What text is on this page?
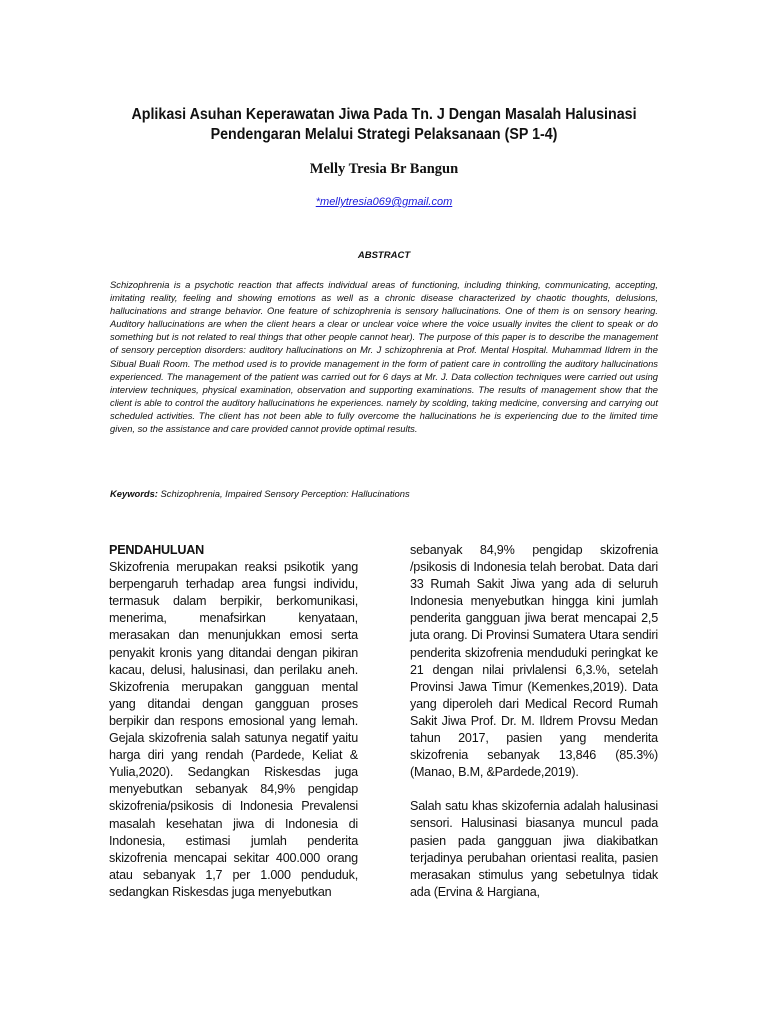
Aplikasi Asuhan Keperawatan Jiwa Pada Tn. J Dengan Masalah Halusinasi
Pendengaran Melalui Strategi Pelaksanaan (SP 1-4)
Melly Tresia Br Bangun
*mellytresia069@gmail.com
ABSTRACT

Schizophrenia is a psychotic reaction that affects individual areas of functioning, including thinking, communicating, accepting, imitating reality, feeling and showing emotions as well as a chronic disease characterized by chaotic thoughts, delusions, hallucinations and strange behavior. One feature of schizophrenia is sensory hallucinations. One of them is on sensory hearing. Auditory hallucinations are when the client hears a clear or unclear voice where the voice usually invites the client to speak or do something but is not related to real things that other people cannot hear). The purpose of this paper is to describe the management of sensory perception disorders: auditory hallucinations on Mr. J schizophrenia at Prof. Mental Hospital. Muhammad Ildrem in the Sibual Buali Room. The method used is to provide management in the form of patient care in controlling the auditory hallucinations experienced. The management of the patient was carried out for 6 days at Mr. J. Data collection techniques were carried out using interview techniques, physical examination, observation and supporting examinations. The results of management show that the client is able to control the auditory hallucinations he experiences. namely by scolding, taking medicine, conversing and carrying out scheduled activities. The client has not been able to fully overcome the hallucinations he is experiencing due to the limited time given, so the assistance and care provided cannot provide optimal results.

Keywords: Schizophrenia, Impaired Sensory Perception: Hallucinations
PENDAHULUAN

Skizofrenia merupakan reaksi psikotik yang berpengaruh terhadap area fungsi individu, termasuk dalam berpikir, berkomunikasi, menerima, menafsirkan kenyataan, merasakan dan menunjukkan emosi serta penyakit kronis yang ditandai dengan pikiran kacau, delusi, halusinasi, dan perilaku aneh. Skizofrenia merupakan gangguan mental yang ditandai dengan gangguan proses berpikir dan respons emosional yang lemah. Gejala skizofrenia salah satunya negatif yaitu harga diri yang rendah (Pardede, Keliat & Yulia,2020). Sedangkan Riskesdas juga menyebutkan sebanyak 84,9% pengidap skizofrenia/psikosis di Indonesia Prevalensi masalah kesehatan jiwa di Indonesia di Indonesia, estimasi jumlah penderita skizofrenia mencapai sekitar 400.000 orang atau sebanyak 1,7 per 1.000 penduduk, sedangkan Riskesdas juga menyebutkan

sebanyak 84,9% pengidap skizofrenia /psikosis di Indonesia telah berobat. Data dari 33 Rumah Sakit Jiwa yang ada di seluruh Indonesia menyebutkan hingga kini jumlah penderita gangguan jiwa berat mencapai 2,5 juta orang. Di Provinsi Sumatera Utara sendiri penderita skizofrenia menduduki peringkat ke 21 dengan nilai privlalensi 6,3.%, setelah Provinsi Jawa Timur (Kemenkes,2019). Data yang diperoleh dari Medical Record Rumah Sakit Jiwa Prof. Dr. M. Ildrem Provsu Medan tahun 2017, pasien yang menderita skizofrenia sebanyak 13,846 (85.3%) (Manao, B.M, &Pardede,2019).

Salah satu khas skizofernia adalah halusinasi sensori. Halusinasi biasanya muncul pada pasien pada gangguan jiwa diakibatkan terjadinya perubahan orientasi realita, pasien merasakan stimulus yang sebetulnya tidak ada (Ervina & Hargiana,
